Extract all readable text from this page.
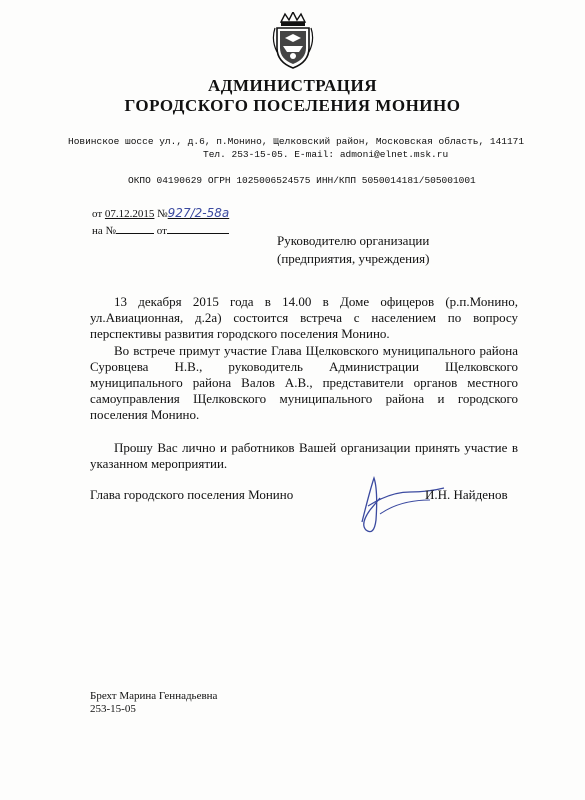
АДМИНИСТРАЦИЯ
ГОРОДСКОГО ПОСЕЛЕНИЯ МОНИНО
Новинское шоссе ул., д.6, п.Монино, Щелковский район, Московская область, 141171
Тел. 253-15-05. E-mail: admoni@elnet.msk.ru
ОКПО 04190629 ОГРН 1025006524575 ИНН/КПП 5050014181/505001001
от 07.12.2015 №927/2-58а
на №	от
Руководителю организации
(предприятия, учреждения)
13 декабря 2015 года в 14.00 в Доме офицеров (р.п.Монино, ул.Авиационная, д.2а) состоится встреча с населением по вопросу перспективы развития городского поселения Монино.
Во встрече примут участие Глава Щелковского муниципального района Суровцева Н.В., руководитель Администрации Щелковского муниципального района Валов А.В., представители органов местного самоуправления Щелковского муниципального района и городского поселения Монино.
Прошу Вас лично и работников Вашей организации принять участие в указанном мероприятии.
Глава городского поселения Монино	И.Н. Найденов
Брехт Марина Геннадьевна
253-15-05
